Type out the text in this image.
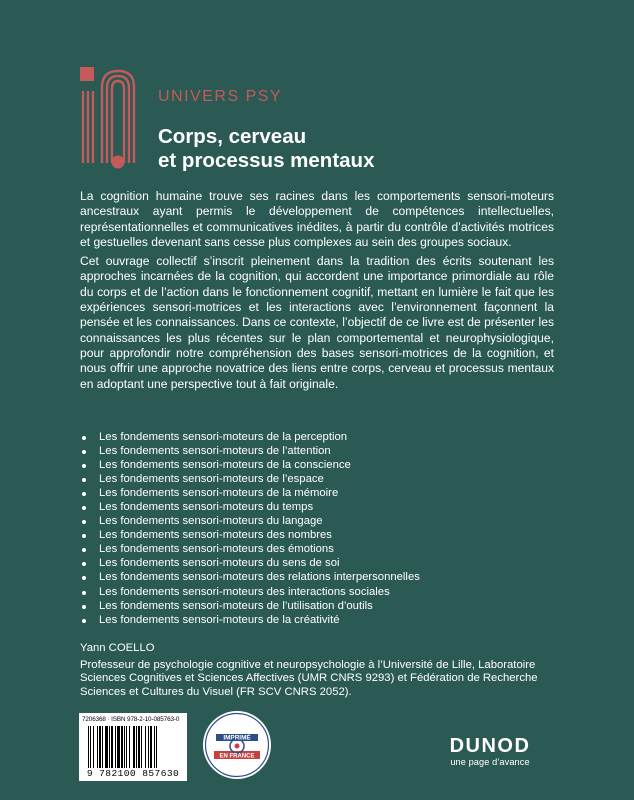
UNIVERS PSY
Corps, cerveau
et processus mentaux

La cognition humaine trouve ses racines dans les comportements sensori-moteurs ancestraux ayant permis le développement de compétences intellectuelles, représentationnelles et communicatives inédites, à partir du contrôle d’activités motrices et gestuelles devenant sans cesse plus complexes au sein des groupes sociaux.

Cet ouvrage collectif s’inscrit pleinement dans la tradition des écrits soutenant les approches incarnées de la cognition, qui accordent une importance primordiale au rôle du corps et de l’action dans le fonctionnement cognitif, mettant en lumière le fait que les expériences sensori-motrices et les interactions avec l’environnement façonnent la pensée et les connaissances. Dans ce contexte, l’objectif de ce livre est de présenter les connaissances les plus récentes sur le plan comportemental et neurophysiologique, pour approfondir notre compréhension des bases sensori-motrices de la cognition, et nous offrir une approche novatrice des liens entre corps, cerveau et processus mentaux en adoptant une perspective tout à fait originale.

Les fondements sensori-moteurs de la perception
Les fondements sensori-moteurs de l’attention
Les fondements sensori-moteurs de la conscience
Les fondements sensori-moteurs de l’espace
Les fondements sensori-moteurs de la mémoire
Les fondements sensori-moteurs du temps
Les fondements sensori-moteurs du langage
Les fondements sensori-moteurs des nombres
Les fondements sensori-moteurs des émotions
Les fondements sensori-moteurs du sens de soi
Les fondements sensori-moteurs des relations interpersonnelles
Les fondements sensori-moteurs des interactions sociales
Les fondements sensori-moteurs de l’utilisation d’outils
Les fondements sensori-moteurs de la créativité
Yann COELLO
Professeur de psychologie cognitive et neuropsychologie à l’Université de Lille, Laboratoire Sciences Cognitives et Sciences Affectives (UMR CNRS 9293) et Fédération de Recherche Sciences et Cultures du Visuel (FR SCV CNRS 2052).
7206368 · ISBN 978-2-10-085763-0
9 782100 857630
IMPRIMÉ
EN FRANCE	DUNOD
une page d’avance
